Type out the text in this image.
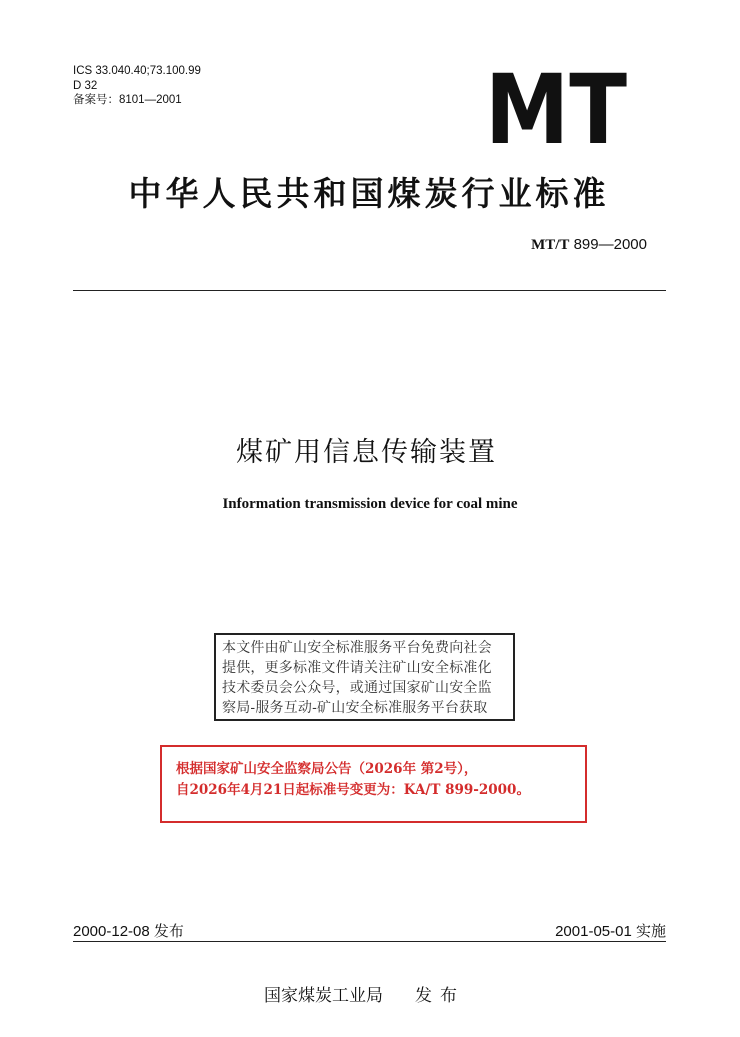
ICS 33.040.40;73.100.99
D 32
备案号：8101—2001	MT
中华人民共和国煤炭行业标准
MT/T 899—2000
煤矿用信息传输装置
Information transmission device for coal mine
本文件由矿山安全标准服务平台免费向社会
提供，更多标准文件请关注矿山安全标准化
技术委员会公众号，或通过国家矿山安全监
察局-服务互动-矿山安全标准服务平台获取
根据国家矿山安全监察局公告（2026年 第2号），
自2026年4月21日起标准号变更为：KA/T 899-2000。
2000-12-08 发布	2001-05-01 实施
国家煤炭工业局 发布
